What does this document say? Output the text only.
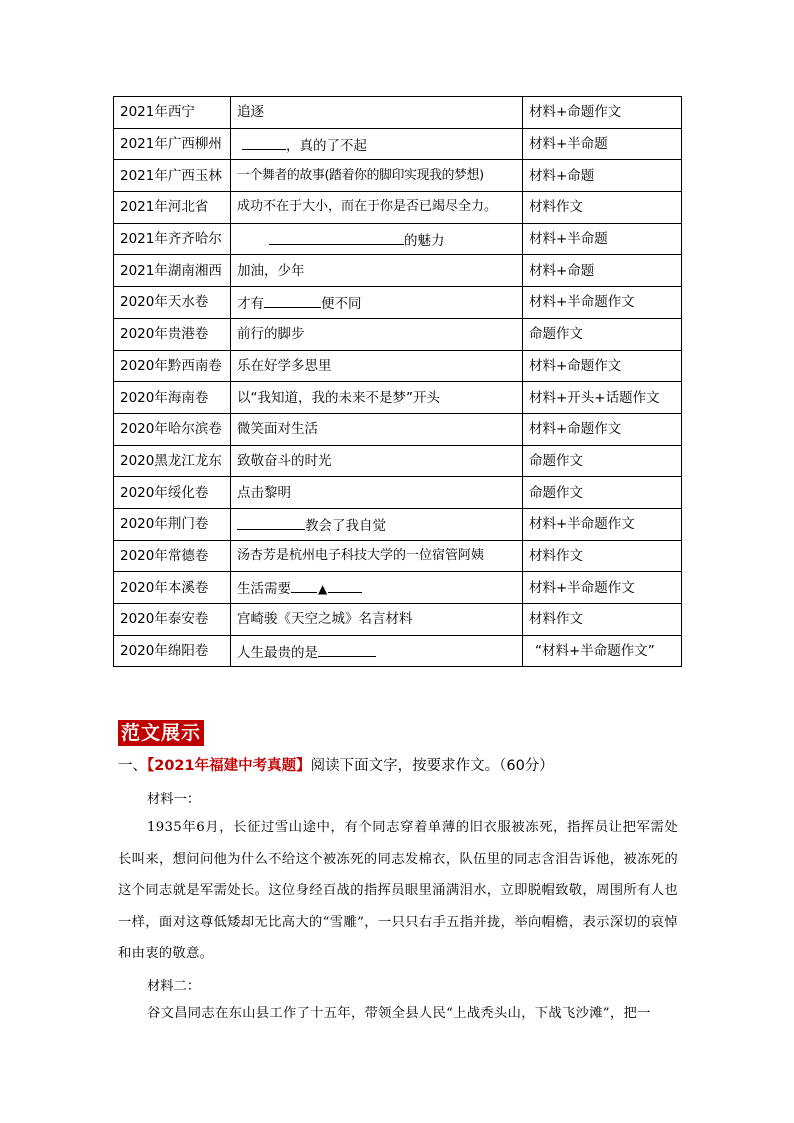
2021年西宁	追逐	材料+命题作文
2021年广西柳州	，真的了不起	材料+半命题
2021年广西玉林	一个舞者的故事(踏着你的脚印实现我的梦想)	材料+命题
2021年河北省	成功不在于大小，而在于你是否已竭尽全力。	材料作文
2021年齐齐哈尔	的魅力	材料+半命题
2021年湖南湘西	加油，少年	材料+命题
2020年天水卷	才有 便不同	材料+半命题作文
2020年贵港卷	前行的脚步	命题作文
2020年黔西南卷	乐在好学多思里	材料+命题作文
2020年海南卷	以“我知道，我的未来不是梦”开头	材料+开头+话题作文
2020年哈尔滨卷	微笑面对生活	材料+命题作文
2020黑龙江龙东	致敬奋斗的时光	命题作文
2020年绥化卷	点击黎明	命题作文
2020年荆门卷	教会了我自觉	材料+半命题作文
2020年常德卷	汤杏芳是杭州电子科技大学的一位宿管阿姨	材料作文
2020年本溪卷	生活需要 ▲	材料+半命题作文
2020年泰安卷	宫崎骏《天空之城》名言材料	材料作文
2020年绵阳卷	人生最贵的是	“材料+半命题作文”
范文展示
一、【2021年福建中考真题】阅读下面文字，按要求作文。（60分）
材料一：
1935年6月，长征过雪山途中，有个同志穿着单薄的旧衣服被冻死，指挥员让把军需处长叫来，想问问他为什么不给这个被冻死的同志发棉衣，队伍里的同志含泪告诉他，被冻死的这个同志就是军需处长。这位身经百战的指挥员眼里涌满泪水，立即脱帽致敬，周围所有人也一样，面对这尊低矮却无比高大的“雪雕”，一只只右手五指并拢，举向帽檐，表示深切的哀悼和由衷的敬意。
材料二：
谷文昌同志在东山县工作了十五年，带领全县人民“上战秃头山，下战飞沙滩”，把一
